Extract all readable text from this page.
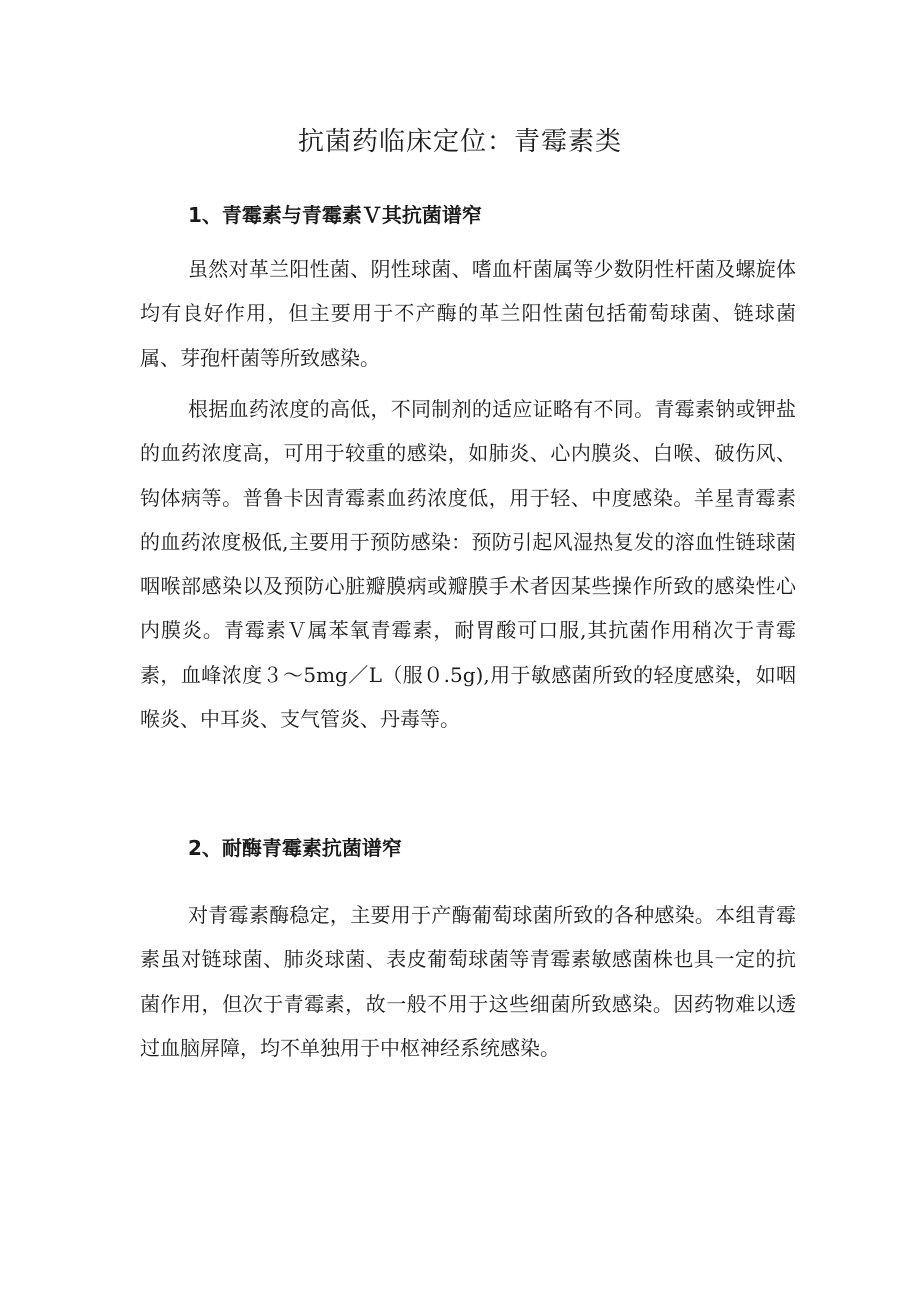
抗菌药临床定位：青霉素类
1、青霉素与青霉素Ｖ其抗菌谱窄

虽然对革兰阳性菌、阴性球菌、嗜血杆菌属等少数阴性杆菌及螺旋体均有良好作用，但主要用于不产酶的革兰阳性菌包括葡萄球菌、链球菌属、芽孢杆菌等所致感染。

根据血药浓度的高低，不同制剂的适应证略有不同。青霉素钠或钾盐的血药浓度高，可用于较重的感染，如肺炎、心内膜炎、白喉、破伤风、钩体病等。普鲁卡因青霉素血药浓度低，用于轻、中度感染。羊星青霉素的血药浓度极低,主要用于预防感染：预防引起风湿热复发的溶血性链球菌咽喉部感染以及预防心脏瓣膜病或瓣膜手术者因某些操作所致的感染性心内膜炎。青霉素Ｖ属苯氧青霉素，耐胃酸可口服,其抗菌作用稍次于青霉素，血峰浓度３～5mg／L（服０.5g),用于敏感菌所致的轻度感染，如咽喉炎、中耳炎、支气管炎、丹毒等。

2、耐酶青霉素抗菌谱窄

对青霉素酶稳定，主要用于产酶葡萄球菌所致的各种感染。本组青霉素虽对链球菌、肺炎球菌、表皮葡萄球菌等青霉素敏感菌株也具一定的抗菌作用，但次于青霉素，故一般不用于这些细菌所致感染。因药物难以透过血脑屏障，均不单独用于中枢神经系统感染。
